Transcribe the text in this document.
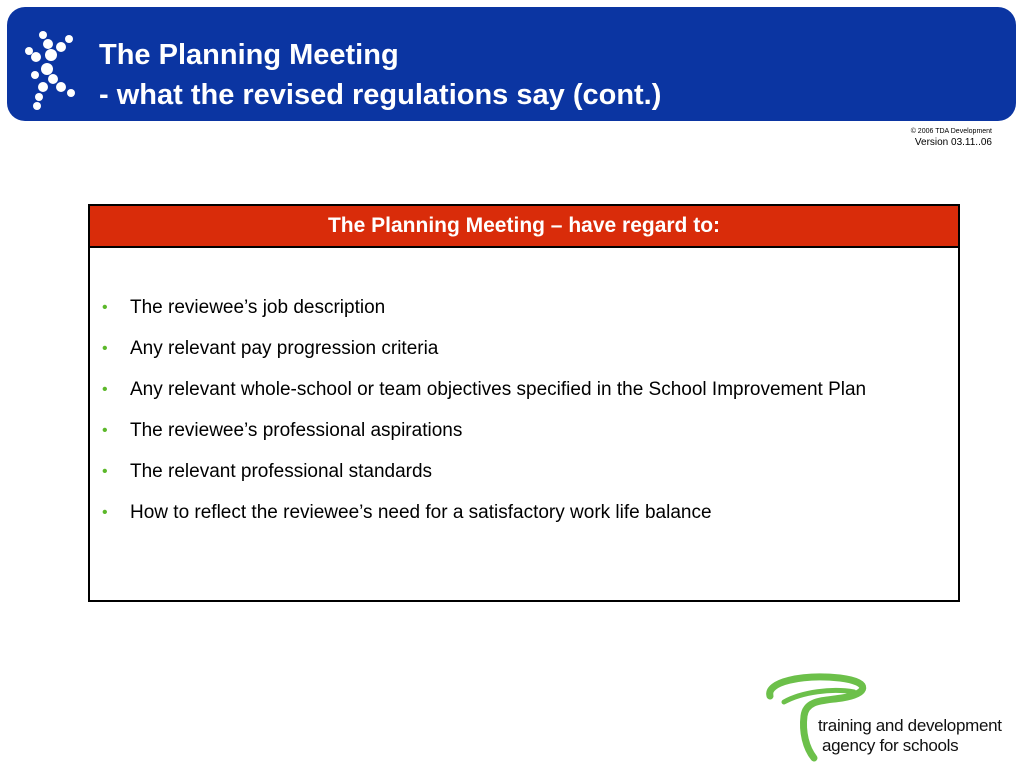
The Planning Meeting
- what the revised regulations say (cont.)
© 2006 TDA Development
Version 03.11..06
The Planning Meeting – have regard to:
• The reviewee’s job description
• Any relevant pay progression criteria
• Any relevant whole-school or team objectives specified in the School Improvement Plan
• The reviewee’s professional aspirations
• The relevant professional standards
• How to reflect the reviewee’s need for a satisfactory work life balance
training and development
agency for schools
